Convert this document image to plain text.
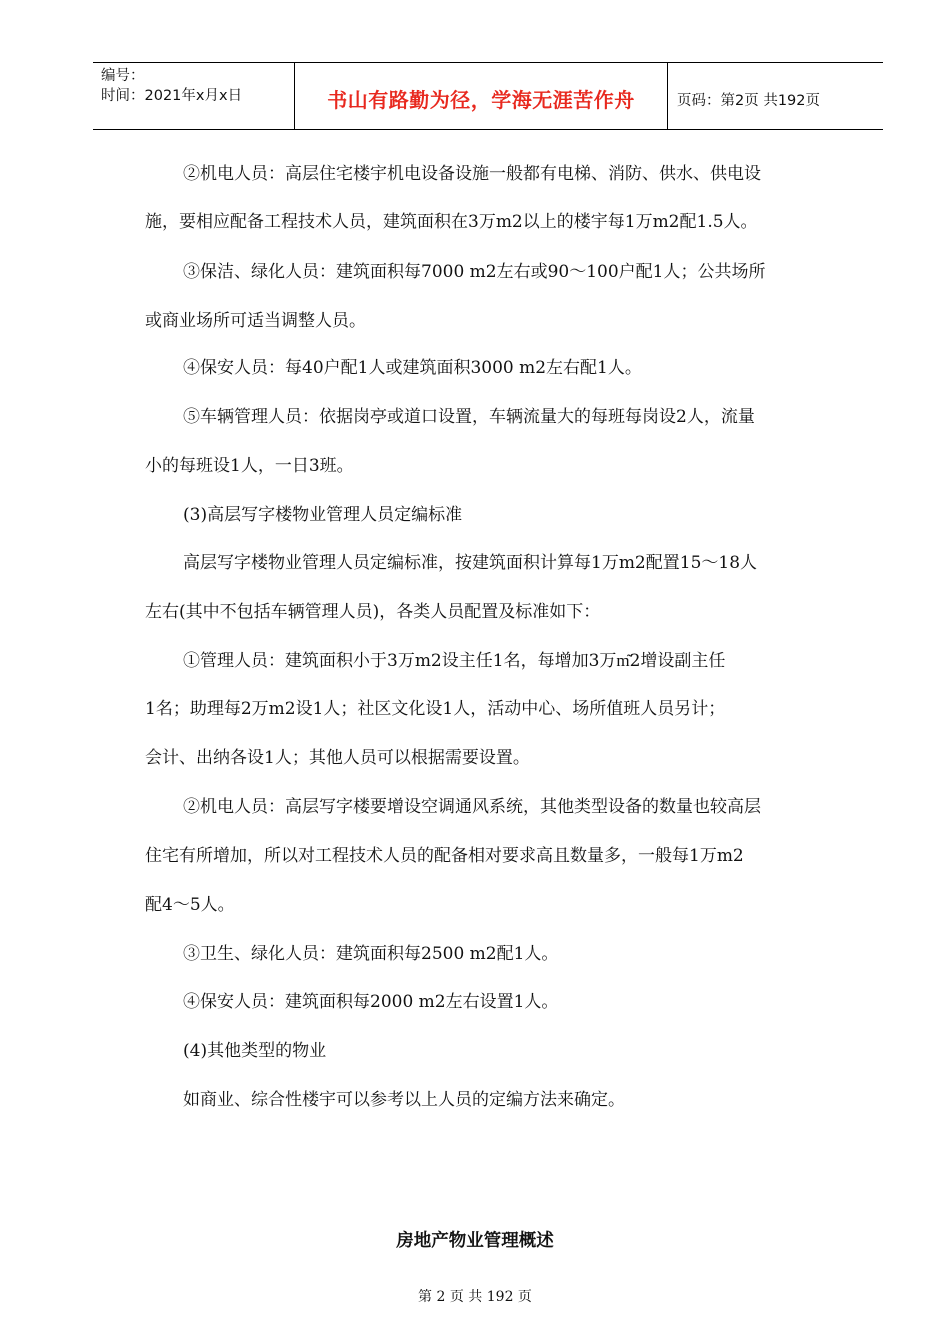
编号：
时间：2021年x月x日	书山有路勤为径，学海无涯苦作舟	页码：第2页 共192页
②机电人员：高层住宅楼宇机电设备设施一般都有电梯、消防、供水、供电设
施，要相应配备工程技术人员，建筑面积在3万m2以上的楼宇每1万m2配1.5人。
③保洁、绿化人员：建筑面积每7000 m2左右或90～100户配1人；公共场所
或商业场所可适当调整人员。
④保安人员：每40户配1人或建筑面积3000 m2左右配1人。
⑤车辆管理人员：依据岗亭或道口设置，车辆流量大的每班每岗设2人，流量
小的每班设1人，一日3班。
(3)高层写字楼物业管理人员定编标准
高层写字楼物业管理人员定编标准，按建筑面积计算每1万m2配置15～18人
左右(其中不包括车辆管理人员)，各类人员配置及标准如下：
①管理人员：建筑面积小于3万m2设主任1名，每增加3万m͂2增设副主任
1名；助理每2万m2设1人；社区文化设1人，活动中心、场所值班人员另计；
会计、出纳各设1人；其他人员可以根据需要设置。
②机电人员：高层写字楼要增设空调通风系统，其他类型设备的数量也较高层
住宅有所增加，所以对工程技术人员的配备相对要求高且数量多，一般每1万m2
配4～5人。
③卫生、绿化人员：建筑面积每2500 m2配1人。
④保安人员：建筑面积每2000 m2左右设置1人。
(4)其他类型的物业
如商业、综合性楼宇可以参考以上人员的定编方法来确定。
房地产物业管理概述
第 2 页 共 192 页
